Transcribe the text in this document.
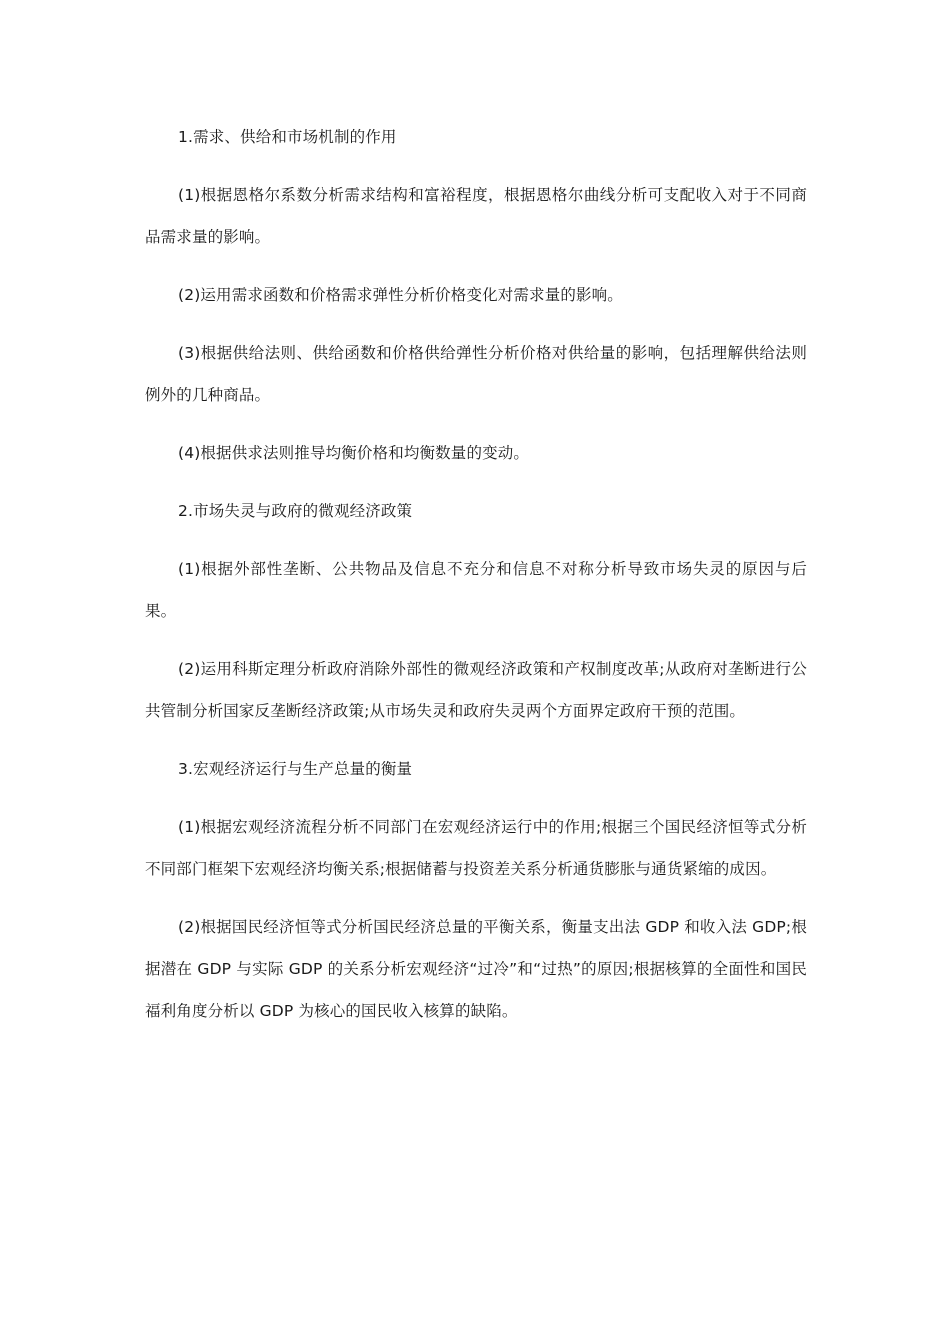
1.需求、供给和市场机制的作用

(1)根据恩格尔系数分析需求结构和富裕程度，根据恩格尔曲线分析可支配收入对于不同商品需求量的影响。

(2)运用需求函数和价格需求弹性分析价格变化对需求量的影响。

(3)根据供给法则、供给函数和价格供给弹性分析价格对供给量的影响，包括理解供给法则例外的几种商品。

(4)根据供求法则推导均衡价格和均衡数量的变动。

2.市场失灵与政府的微观经济政策

(1)根据外部性垄断、公共物品及信息不充分和信息不对称分析导致市场失灵的原因与后果。

(2)运用科斯定理分析政府消除外部性的微观经济政策和产权制度改革;从政府对垄断进行公共管制分析国家反垄断经济政策;从市场失灵和政府失灵两个方面界定政府干预的范围。

3.宏观经济运行与生产总量的衡量

(1)根据宏观经济流程分析不同部门在宏观经济运行中的作用;根据三个国民经济恒等式分析不同部门框架下宏观经济均衡关系;根据储蓄与投资差关系分析通货膨胀与通货紧缩的成因。

(2)根据国民经济恒等式分析国民经济总量的平衡关系，衡量支出法 GDP 和收入法 GDP;根据潜在 GDP 与实际 GDP 的关系分析宏观经济“过冷”和“过热”的原因;根据核算的全面性和国民福利角度分析以 GDP 为核心的国民收入核算的缺陷。
